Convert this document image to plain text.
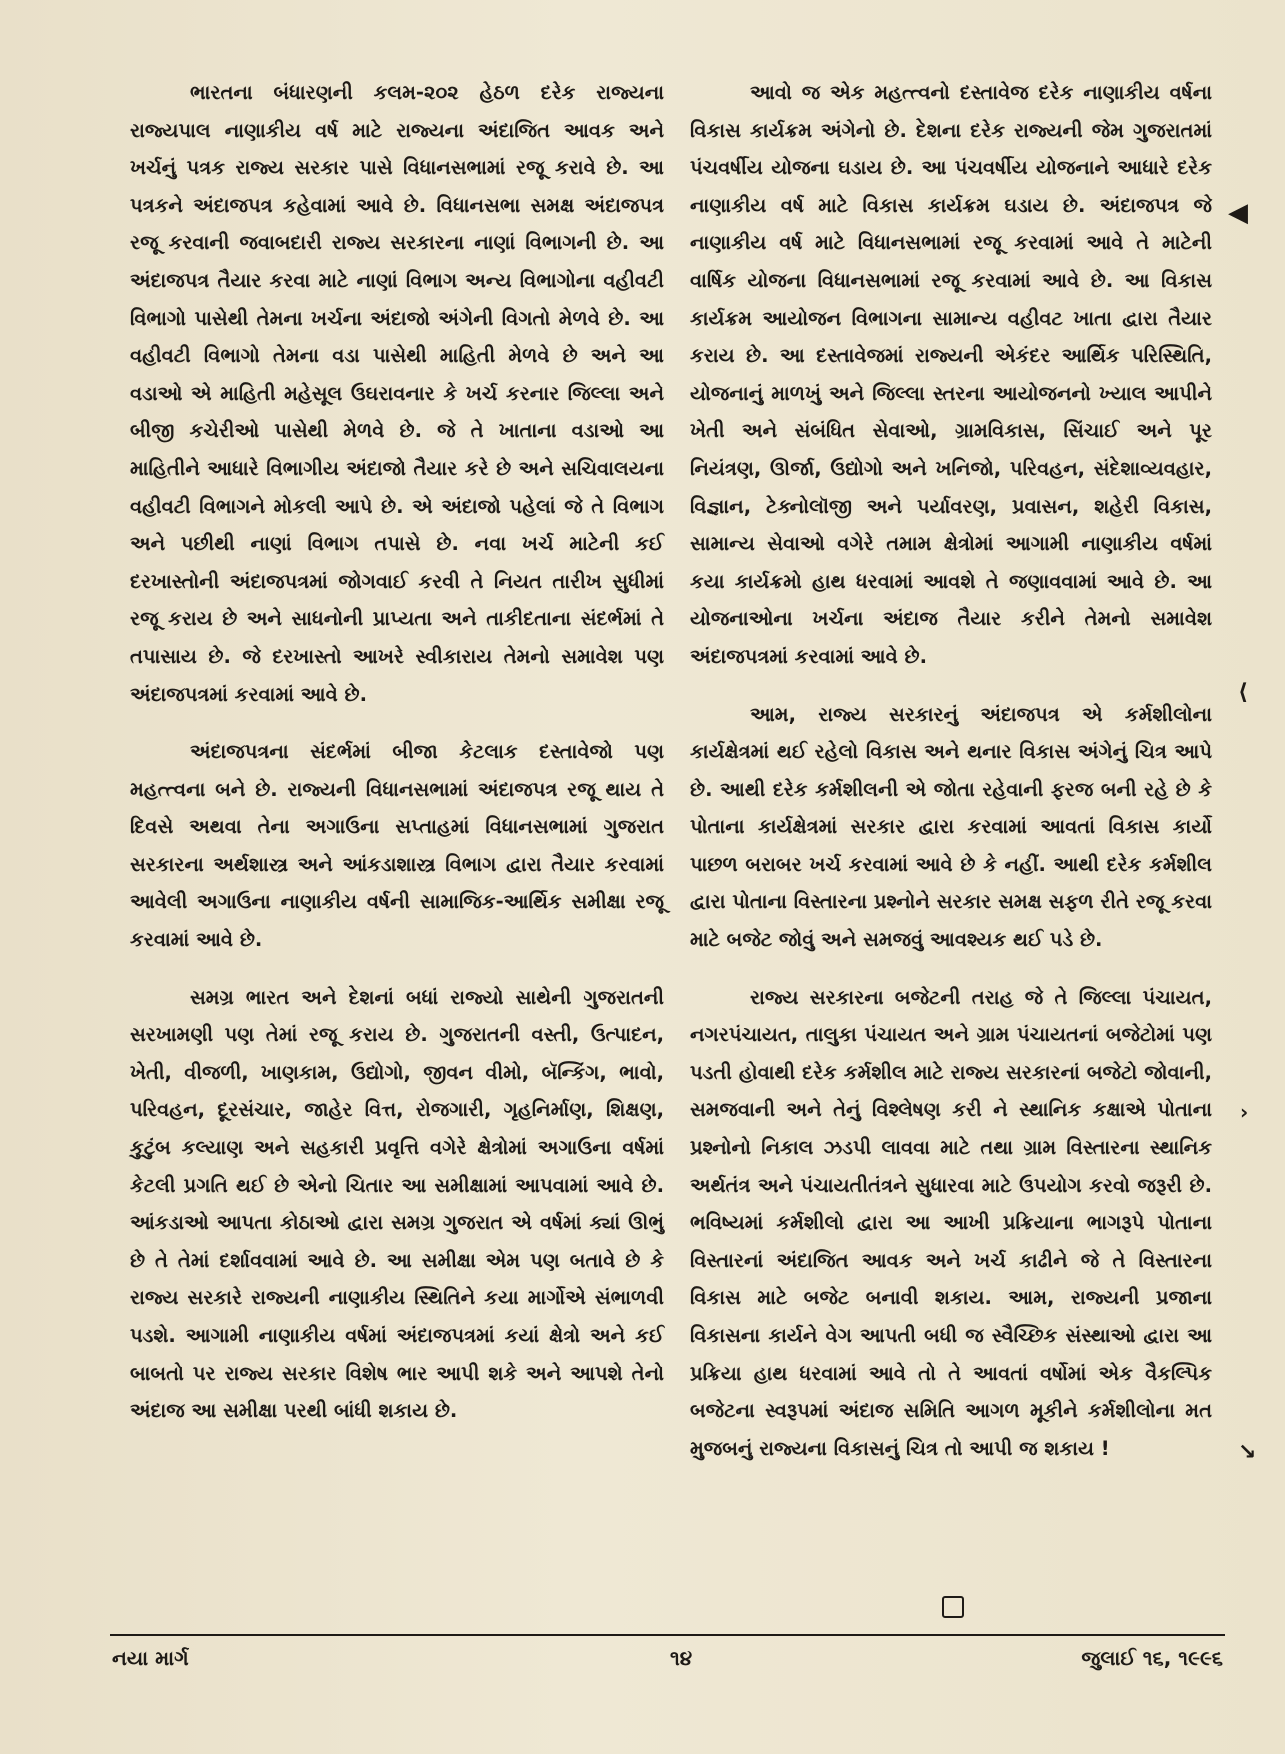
ભારતના બંધારણની કલમ-૨૦૨ હેઠળ દરેક રાજ્યના રાજ્યપાલ નાણાકીય વર્ષ માટે રાજ્યના અંદાજિત આવક અને ખર્ચનું પત્રક રાજ્ય સરકાર પાસે વિધાનસભામાં રજૂ કરાવે છે. આ પત્રકને અંદાજપત્ર કહેવામાં આવે છે. વિધાનસભા સમક્ષ અંદાજપત્ર રજૂ કરવાની જવાબદારી રાજ્ય સરકારના નાણાં વિભાગની છે. આ અંદાજપત્ર તૈયાર કરવા માટે નાણાં વિભાગ અન્ય વિભાગોના વહીવટી વિભાગો પાસેથી તેમના ખર્ચના અંદાજો અંગેની વિગતો મેળવે છે. આ વહીવટી વિભાગો તેમના વડા પાસેથી માહિતી મેળવે છે અને આ વડાઓ એ માહિતી મહેસૂલ ઉઘરાવનાર કે ખર્ચ કરનાર જિલ્લા અને બીજી કચેરીઓ પાસેથી મેળવે છે. જે તે ખાતાના વડાઓ આ માહિતીને આધારે વિભાગીય અંદાજો તૈયાર કરે છે અને સચિવાલયના વહીવટી વિભાગને મોકલી આપે છે. એ અંદાજો પહેલાં જે તે વિભાગ અને પછીથી નાણાં વિભાગ તપાસે છે. નવા ખર્ચ માટેની કઈ દરખાસ્તોની અંદાજપત્રમાં જોગવાઈ કરવી તે નિયત તારીખ સુધીમાં રજૂ કરાય છે અને સાધનોની પ્રાપ્યતા અને તાકીદતાના સંદર્ભમાં તે તપાસાય છે. જે દરખાસ્તો આખરે સ્વીકારાય તેમનો સમાવેશ પણ અંદાજપત્રમાં કરવામાં આવે છે.

અંદાજપત્રના સંદર્ભમાં બીજા કેટલાક દસ્તાવેજો પણ મહત્ત્વના બને છે. રાજ્યની વિધાનસભામાં અંદાજપત્ર રજૂ થાય તે દિવસે અથવા તેના અગાઉના સપ્તાહમાં વિધાનસભામાં ગુજરાત સરકારના અર્થશાસ્ત્ર અને આંકડાશાસ્ત્ર વિભાગ દ્વારા તૈયાર કરવામાં આવેલી અગાઉના નાણાકીય વર્ષની સામાજિક-આર્થિક સમીક્ષા રજૂ કરવામાં આવે છે.

સમગ્ર ભારત અને દેશનાં બધાં રાજ્યો સાથેની ગુજરાતની સરખામણી પણ તેમાં રજૂ કરાય છે. ગુજરાતની વસ્તી, ઉત્પાદન, ખેતી, વીજળી, ખાણકામ, ઉદ્યોગો, જીવન વીમો, બૅન્કિંગ, ભાવો, પરિવહન, દૂરસંચાર, જાહેર વિત્ત, રોજગારી, ગૃહનિર્માણ, શિક્ષણ, કુટુંબ કલ્યાણ અને સહકારી પ્રવૃત્તિ વગેરે ક્ષેત્રોમાં અગાઉના વર્ષમાં કેટલી પ્રગતિ થઈ છે એનો ચિતાર આ સમીક્ષામાં આપવામાં આવે છે. આંકડાઓ આપતા કોઠાઓ દ્વારા સમગ્ર ગુજરાત એ વર્ષમાં ક્યાં ઊભું છે તે તેમાં દર્શાવવામાં આવે છે. આ સમીક્ષા એમ પણ બતાવે છે કે રાજ્ય સરકારે રાજ્યની નાણાકીય સ્થિતિને કયા માર્ગોએ સંભાળવી પડશે. આગામી નાણાકીય વર્ષમાં અંદાજપત્રમાં કયાં ક્ષેત્રો અને કઈ બાબતો પર રાજ્ય સરકાર વિશેષ ભાર આપી શકે અને આપશે તેનો અંદાજ આ સમીક્ષા પરથી બાંધી શકાય છે.

આવો જ એક મહત્ત્વનો દસ્તાવેજ દરેક નાણાકીય વર્ષના વિકાસ કાર્યક્રમ અંગેનો છે. દેશના દરેક રાજ્યની જેમ ગુજરાતમાં પંચવર્ષીય યોજના ઘડાય છે. આ પંચવર્ષીય યોજનાને આધારે દરેક નાણાકીય વર્ષ માટે વિકાસ કાર્યક્રમ ઘડાય છે. અંદાજપત્ર જે નાણાકીય વર્ષ માટે વિધાનસભામાં રજૂ કરવામાં આવે તે માટેની વાર્ષિક યોજના વિધાનસભામાં રજૂ કરવામાં આવે છે. આ વિકાસ કાર્યક્રમ આયોજન વિભાગના સામાન્ય વહીવટ ખાતા દ્વારા તૈયાર કરાય છે. આ દસ્તાવેજમાં રાજ્યની એકંદર આર્થિક પરિસ્થિતિ, યોજનાનું માળખું અને જિલ્લા સ્તરના આયોજનનો ખ્યાલ આપીને ખેતી અને સંબંધિત સેવાઓ, ગ્રામવિકાસ, સિંચાઈ અને પૂર નિયંત્રણ, ઊર્જા, ઉદ્યોગો અને ખનિજો, પરિવહન, સંદેશાવ્યવહાર, વિજ્ઞાન, ટેક્નોલૉજી અને પર્યાવરણ, પ્રવાસન, શહેરી વિકાસ, સામાન્ય સેવાઓ વગેરે તમામ ક્ષેત્રોમાં આગામી નાણાકીય વર્ષમાં કયા કાર્યક્રમો હાથ ધરવામાં આવશે તે જણાવવામાં આવે છે. આ યોજનાઓના ખર્ચના અંદાજ તૈયાર કરીને તેમનો સમાવેશ અંદાજપત્રમાં કરવામાં આવે છે.

આમ, રાજ્ય સરકારનું અંદાજપત્ર એ કર્મશીલોના કાર્યક્ષેત્રમાં થઈ રહેલો વિકાસ અને થનાર વિકાસ અંગેનું ચિત્ર આપે છે. આથી દરેક કર્મશીલની એ જોતા રહેવાની ફરજ બની રહે છે કે પોતાના કાર્યક્ષેત્રમાં સરકાર દ્વારા કરવામાં આવતાં વિકાસ કાર્યો પાછળ બરાબર ખર્ચ કરવામાં આવે છે કે નહીં. આથી દરેક કર્મશીલ દ્વારા પોતાના વિસ્તારના પ્રશ્નોને સરકાર સમક્ષ સફળ રીતે રજૂ કરવા માટે બજેટ જોવું અને સમજવું આવશ્યક થઈ પડે છે.

રાજ્ય સરકારના બજેટની તરાહ જે તે જિલ્લા પંચાયત, નગરપંચાયત, તાલુકા પંચાયત અને ગ્રામ પંચાયતનાં બજેટોમાં પણ પડતી હોવાથી દરેક કર્મશીલ માટે રાજ્ય સરકારનાં બજેટો જોવાની, સમજવાની અને તેનું વિશ્લેષણ કરી ને સ્થાનિક કક્ષાએ પોતાના પ્રશ્નોનો નિકાલ ઝડપી લાવવા માટે તથા ગ્રામ વિસ્તારના સ્થાનિક અર્થતંત્ર અને પંચાયતીતંત્રને સુધારવા માટે ઉપયોગ કરવો જરૂરી છે. ભવિષ્યમાં કર્મશીલો દ્વારા આ આખી પ્રક્રિયાના ભાગરૂપે પોતાના વિસ્તારનાં અંદાજિત આવક અને ખર્ચ કાઢીને જે તે વિસ્તારના વિકાસ માટે બજેટ બનાવી શકાય. આમ, રાજ્યની પ્રજાના વિકાસના કાર્યને વેગ આપતી બધી જ સ્વૈચ્છિક સંસ્થાઓ દ્વારા આ પ્રક્રિયા હાથ ધરવામાં આવે તો તે આવતાં વર્ષોમાં એક વૈકલ્પિક બજેટના સ્વરૂપમાં અંદાજ સમિતિ આગળ મૂકીને કર્મશીલોના મત મુજબનું રાજ્યના વિકાસનું ચિત્ર તો આપી જ શકાય !

◀
⟨
›
↘
નયા માર્ગ	૧૪	જુલાઈ ૧૬, ૧૯૯૬
